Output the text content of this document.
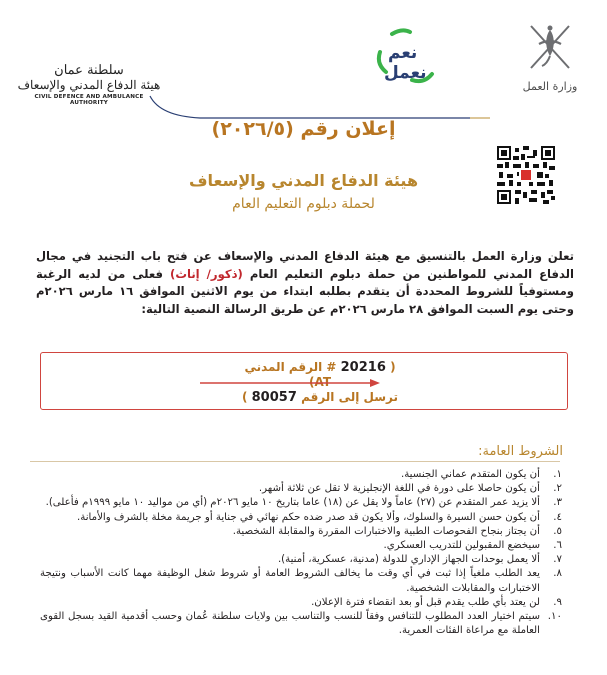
وزارة العمل
نعم
نعمل
سلطنة عمان
هيئة الدفاع المدني والإسعاف
CIVIL DEFENCE AND AMBULANCE AUTHORITY
إعلان رقم (٢٠٢٦/٥)
هيئة الدفاع المدني والإسعاف
لحملة دبلوم التعليم العام

تعلن وزارة العمل بالتنسيق مع هيئة الدفاع المدني والإسعاف عن فتح باب التجنيد في مجال الدفاع المدني للمواطنين من حملة دبلوم التعليم العام (ذكور/ إناث) فعلى من لديه الرغبة ومستوفياً للشروط المحددة أن يتقدم بطلبه ابتداء من يوم الاثنين الموافق ١٦ مارس ٢٠٢٦م وحتى يوم السبت الموافق ٢٨ مارس ٢٠٢٦م عن طريق الرسالة النصية التالية:

( 20216 # الرقم المدني AT)
ترسل إلى الرقم 80057 )
الشروط العامة:
١.
أن يكون المتقدم عماني الجنسية.
٢.
أن يكون حاصلا على دورة في اللغة الإنجليزية لا تقل عن ثلاثة أشهر.
٣.
ألا يزيد عمر المتقدم عن (٢٧) عاماً ولا يقل عن (١٨) عاما بتاريخ ١٠ مايو ٢٠٢٦م (أي من مواليد ١٠ مايو ١٩٩٩م فأعلى).
٤.
أن يكون حسن السيرة والسلوك، وألا يكون قد صدر ضده حكم نهائي في جناية أو جريمة مخلة بالشرف والأمانة.
٥.
أن يجتاز بنجاح الفحوصات الطبية والاختبارات المقررة والمقابلة الشخصية.
٦.
سيخضع المقبولين للتدريب العسكري.
٧.
ألا يعمل بوحدات الجهاز الإداري للدولة (مدنية، عسكرية، أمنية).
٨.
يعد الطلب ملغياً إذا ثبت في أي وقت ما يخالف الشروط العامة أو شروط شغل الوظيفة مهما كانت الأسباب ونتيجة الاختبارات والمقابلات الشخصية.
٩.
لن يعتد بأي طلب يقدم قبل أو بعد انقضاء فترة الإعلان.
١٠.
سيتم اختيار العدد المطلوب للتنافس وفقاً للنسب والتناسب بين ولايات سلطنة عُمان وحسب أقدمية القيد بسجل القوى العاملة مع مراعاة الفئات العمرية.
